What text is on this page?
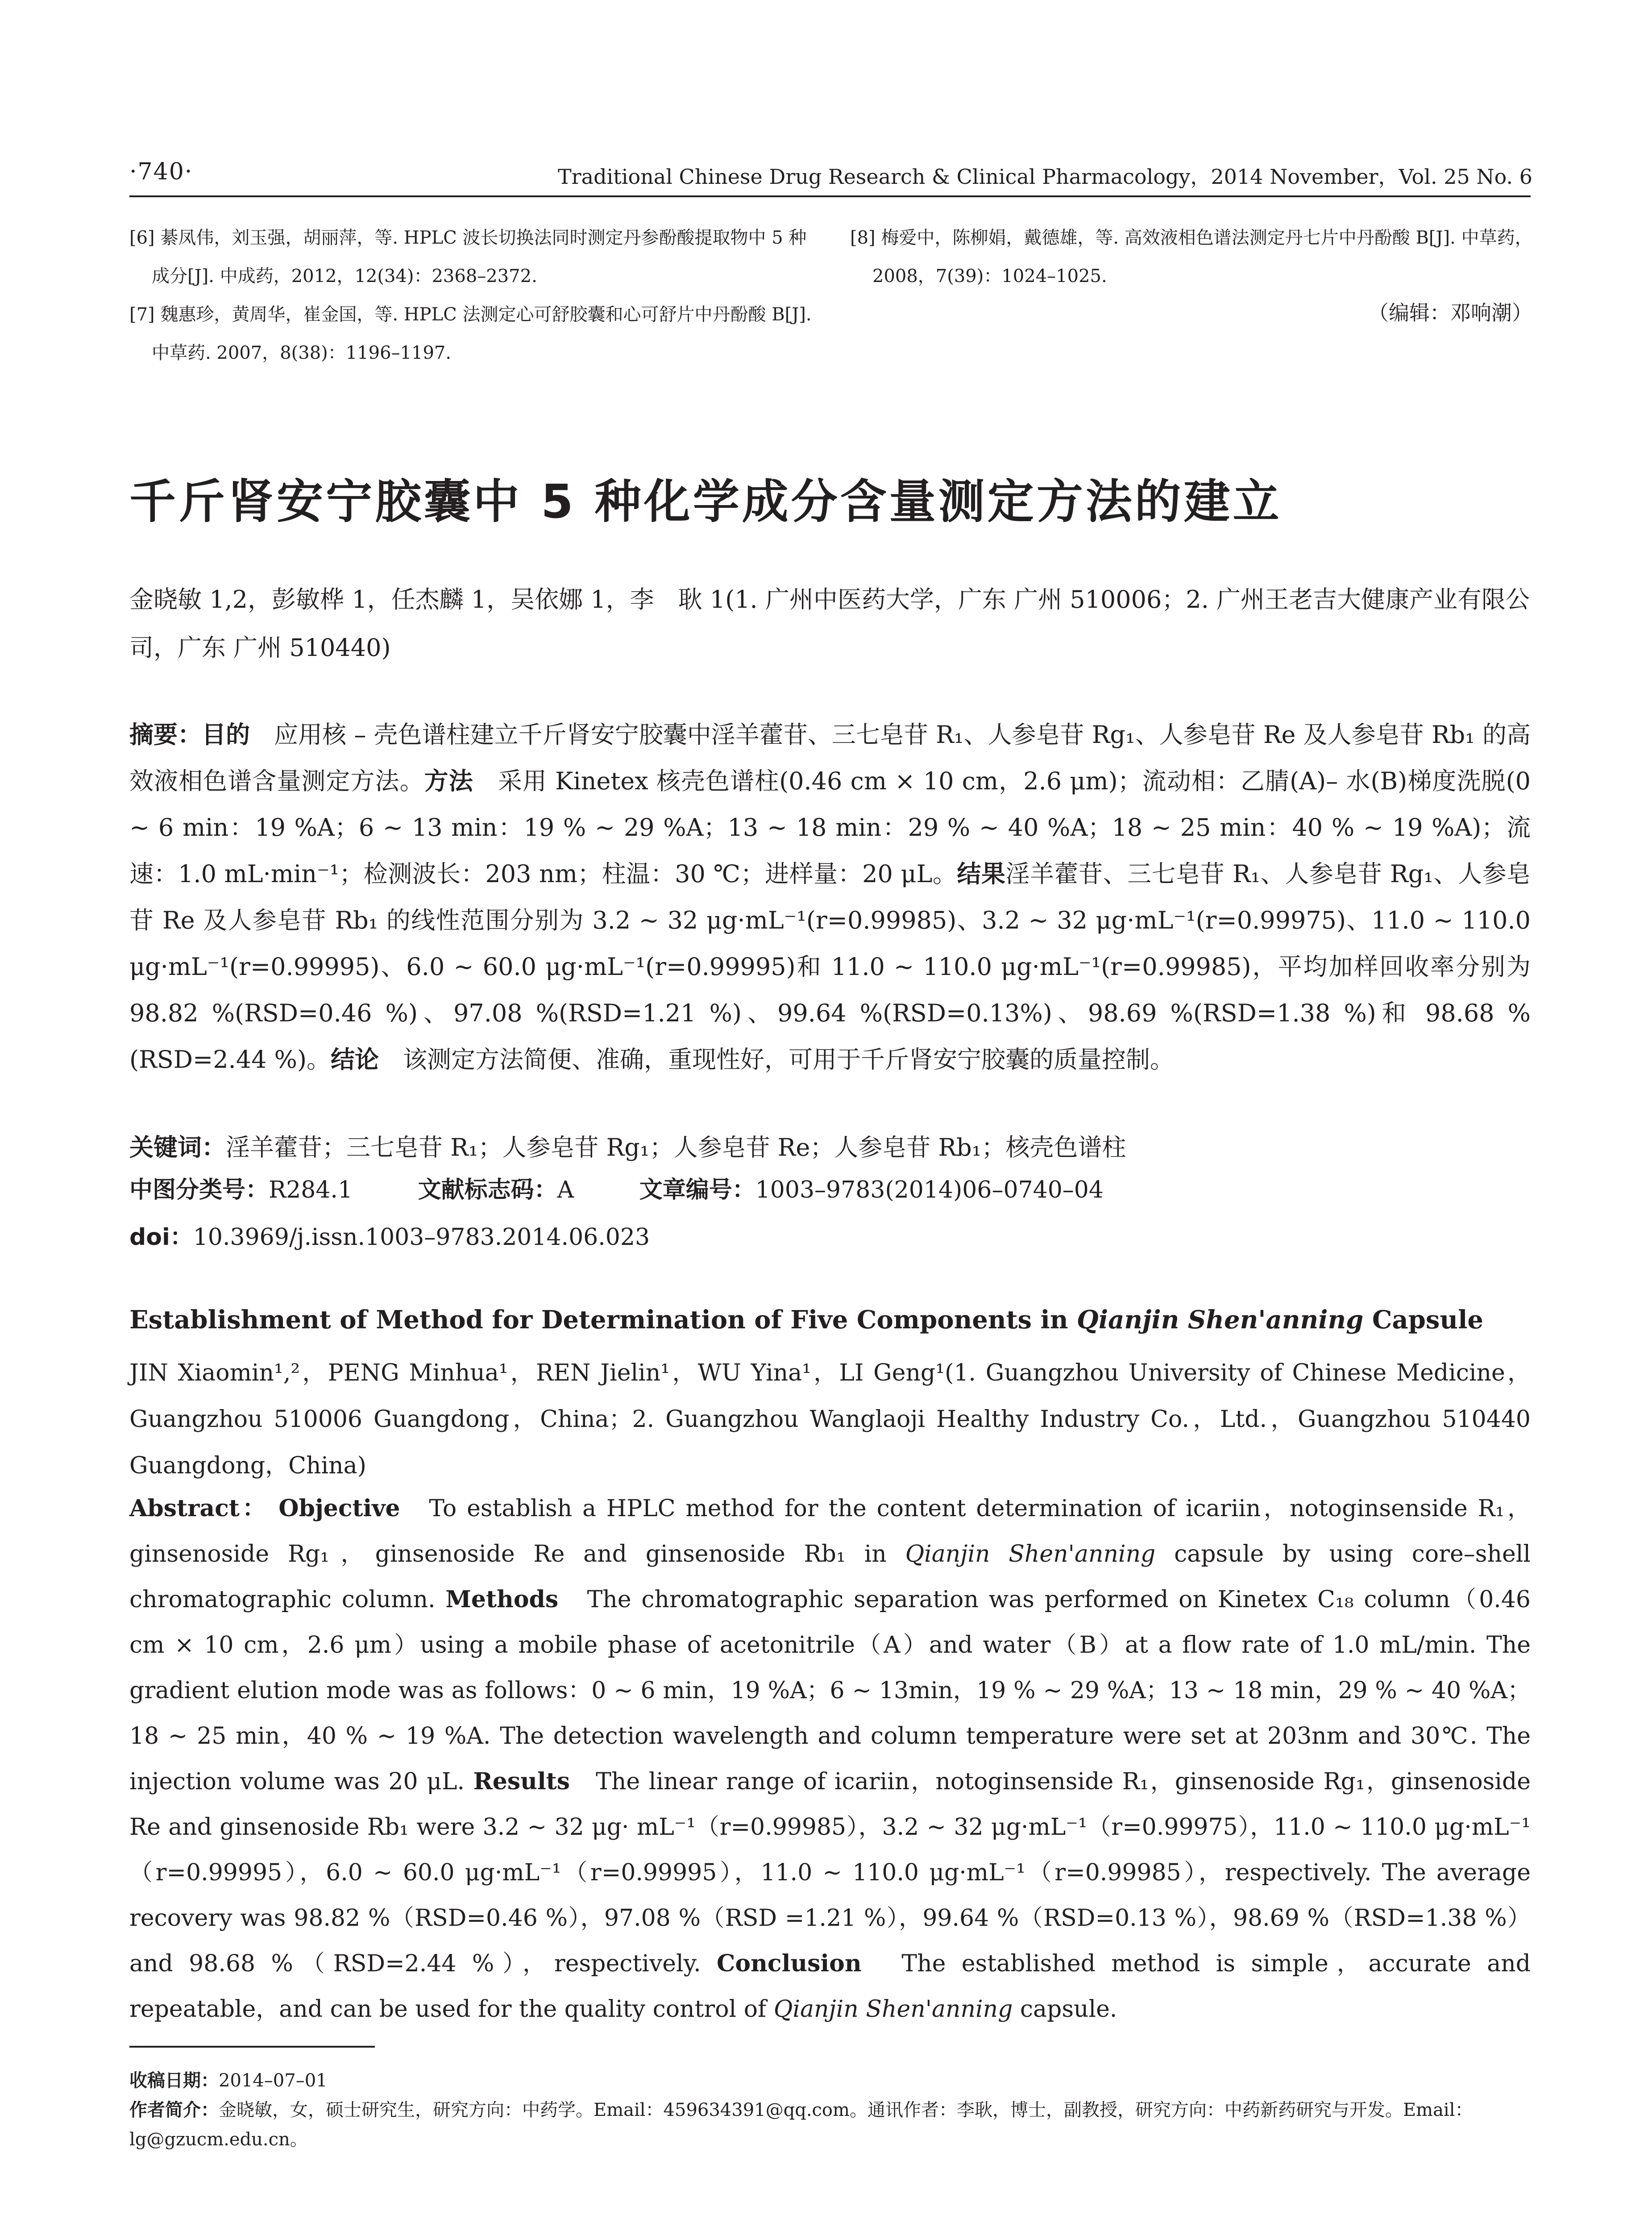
·740·	Traditional Chinese Drug Research & Clinical Pharmacology，2014 November，Vol. 25 No. 6
[6] 綦凤伟，刘玉强，胡丽萍，等. HPLC 波长切换法同时测定丹参酚酸提取物中 5 种成分[J]. 中成药，2012，12(34)：2368–2372.
[7] 魏惠珍，黄周华，崔金国，等. HPLC 法测定心可舒胶囊和心可舒片中丹酚酸 B[J]. 中草药. 2007，8(38)：1196–1197.
[8] 梅爱中，陈柳娟，戴德雄，等. 高效液相色谱法测定丹七片中丹酚酸 B[J]. 中草药，2008，7(39)：1024–1025.
（编辑：邓响潮）
千斤肾安宁胶囊中 5 种化学成分含量测定方法的建立
金晓敏 1,2，彭敏桦 1，任杰麟 1，吴依娜 1，李　耿 1(1. 广州中医药大学，广东 广州 510006；2. 广州王老吉大健康产业有限公司，广东 广州 510440)
摘要：目的　应用核 – 壳色谱柱建立千斤肾安宁胶囊中淫羊藿苷、三七皂苷 R₁、人参皂苷 Rg₁、人参皂苷 Re 及人参皂苷 Rb₁ 的高效液相色谱含量测定方法。方法　采用 Kinetex 核壳色谱柱(0.46 cm × 10 cm，2.6 μm)；流动相：乙腈(A)– 水(B)梯度洗脱(0 ~ 6 min：19 %A；6 ~ 13 min：19 % ~ 29 %A；13 ~ 18 min：29 % ~ 40 %A；18 ~ 25 min：40 % ~ 19 %A)；流速：1.0 mL·min⁻¹；检测波长：203 nm；柱温：30 ℃；进样量：20 μL。结果淫羊藿苷、三七皂苷 R₁、人参皂苷 Rg₁、人参皂苷 Re 及人参皂苷 Rb₁ 的线性范围分别为 3.2 ~ 32 μg·mL⁻¹(r=0.99985)、3.2 ~ 32 μg·mL⁻¹(r=0.99975)、11.0 ~ 110.0 μg·mL⁻¹(r=0.99995)、6.0 ~ 60.0 μg·mL⁻¹(r=0.99995)和 11.0 ~ 110.0 μg·mL⁻¹(r=0.99985)，平均加样回收率分别为 98.82 %(RSD=0.46 %)、97.08 %(RSD=1.21 %)、99.64 %(RSD=0.13%)、98.69 %(RSD=1.38 %)和 98.68 %(RSD=2.44 %)。结论　该测定方法简便、准确，重现性好，可用于千斤肾安宁胶囊的质量控制。
关键词：淫羊藿苷；三七皂苷 R₁；人参皂苷 Rg₁；人参皂苷 Re；人参皂苷 Rb₁；核壳色谱柱
中图分类号：R284.1	文献标志码：A	文章编号：1003–9783(2014)06–0740–04
doi：10.3969/j.issn.1003–9783.2014.06.023
Establishment of Method for Determination of Five Components in Qianjin Shen'anning Capsule
JIN Xiaomin¹,²，PENG Minhua¹，REN Jielin¹，WU Yina¹，LI Geng¹(1. Guangzhou University of Chinese Medicine，Guangzhou 510006 Guangdong，China；2. Guangzhou Wanglaoji Healthy Industry Co.，Ltd.，Guangzhou 510440 Guangdong，China)
Abstract： Objective　To establish a HPLC method for the content determination of icariin，notoginsenside R₁，ginsenoside Rg₁，ginsenoside Re and ginsenoside Rb₁ in Qianjin Shen'anning capsule by using core–shell chromatographic column. Methods　The chromatographic separation was performed on Kinetex C₁₈ column（0.46 cm × 10 cm，2.6 μm）using a mobile phase of acetonitrile（A）and water（B）at a flow rate of 1.0 mL/min. The gradient elution mode was as follows：0 ~ 6 min，19 %A；6 ~ 13min，19 % ~ 29 %A；13 ~ 18 min，29 % ~ 40 %A；18 ~ 25 min，40 % ~ 19 %A. The detection wavelength and column temperature were set at 203nm and 30℃. The injection volume was 20 μL. Results　The linear range of icariin，notoginsenside R₁，ginsenoside Rg₁，ginsenoside Re and ginsenoside Rb₁ were 3.2 ~ 32 μg· mL⁻¹（r=0.99985），3.2 ~ 32 μg·mL⁻¹（r=0.99975），11.0 ~ 110.0 μg·mL⁻¹（r=0.99995），6.0 ~ 60.0 μg·mL⁻¹（r=0.99995），11.0 ~ 110.0 μg·mL⁻¹（r=0.99985），respectively. The average recovery was 98.82 %（RSD=0.46 %），97.08 %（RSD =1.21 %），99.64 %（RSD=0.13 %），98.69 %（RSD=1.38 %）and 98.68 %（RSD=2.44 %），respectively. Conclusion　The established method is simple，accurate and repeatable，and can be used for the quality control of Qianjin Shen'anning capsule.
收稿日期：2014–07–01
作者简介：金晓敏，女，硕士研究生，研究方向：中药学。Email：459634391@qq.com。通讯作者：李耿，博士，副教授，研究方向：中药新药研究与开发。Email：lg@gzucm.edu.cn。
